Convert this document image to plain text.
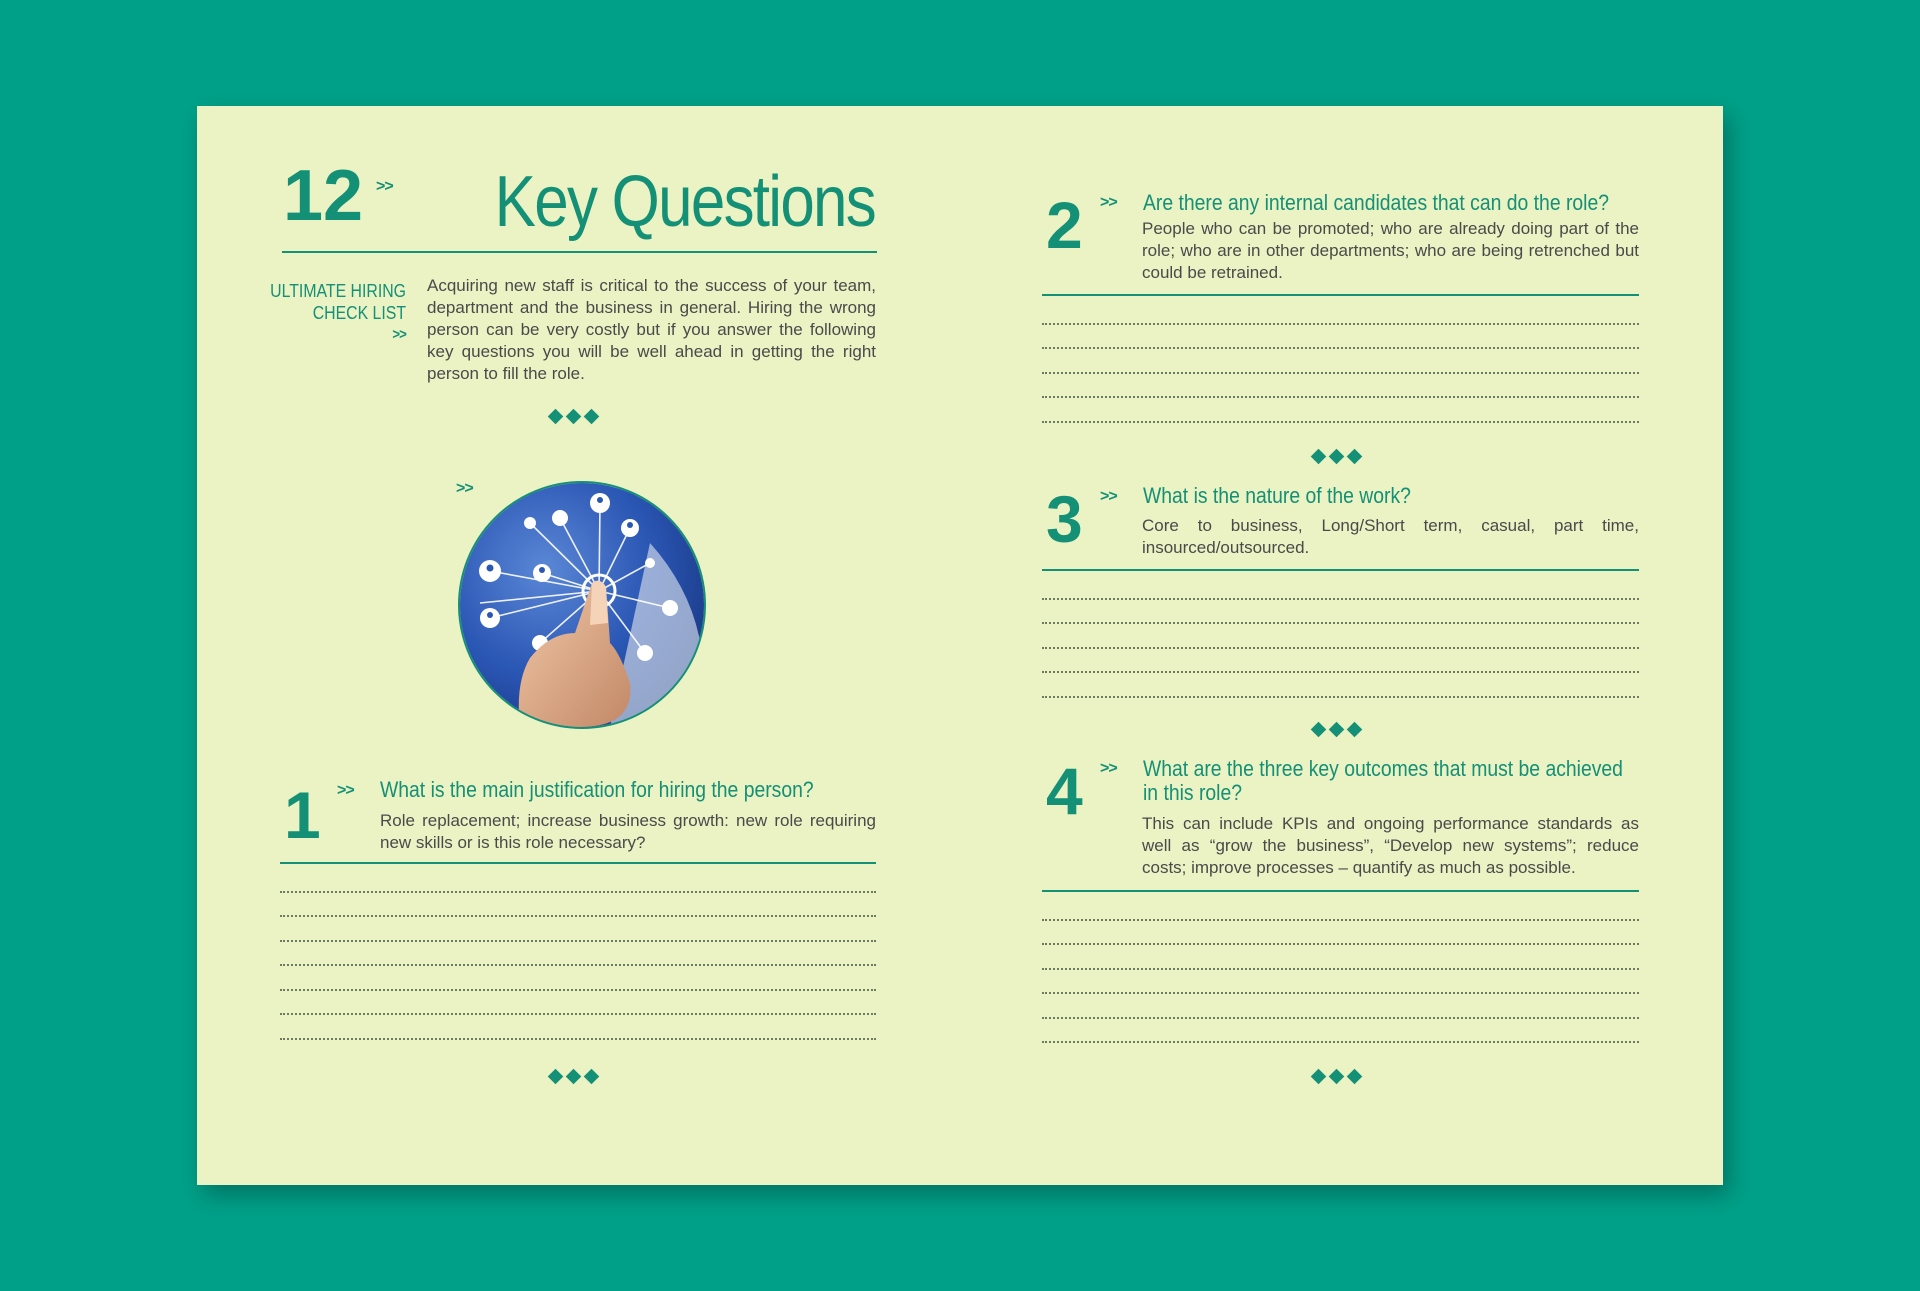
12 >>	Key Questions
ULTIMATE HIRING
CHECK LIST
>>
Acquiring new staff is critical to the success of your team, department and the business in general. Hiring the wrong person can be very costly but if you answer the following key questions you will be well ahead in getting the right person to fill the role.
>>
1 >> What is the main justification for hiring the person?
Role replacement; increase business growth: new role requiring new skills or is this role necessary?
2 >> Are there any internal candidates that can do the role?
People who can be promoted; who are already doing part of the role; who are in other departments; who are being retrenched but could be retrained.
3 >> What is the nature of the work?
Core to business, Long/Short term, casual, part time, insourced/outsourced.
4 >> What are the three key outcomes that must be achieved
in this role?
This can include KPIs and ongoing performance standards as well as “grow the business”, “Develop new systems”; reduce costs; improve processes – quantify as much as possible.
